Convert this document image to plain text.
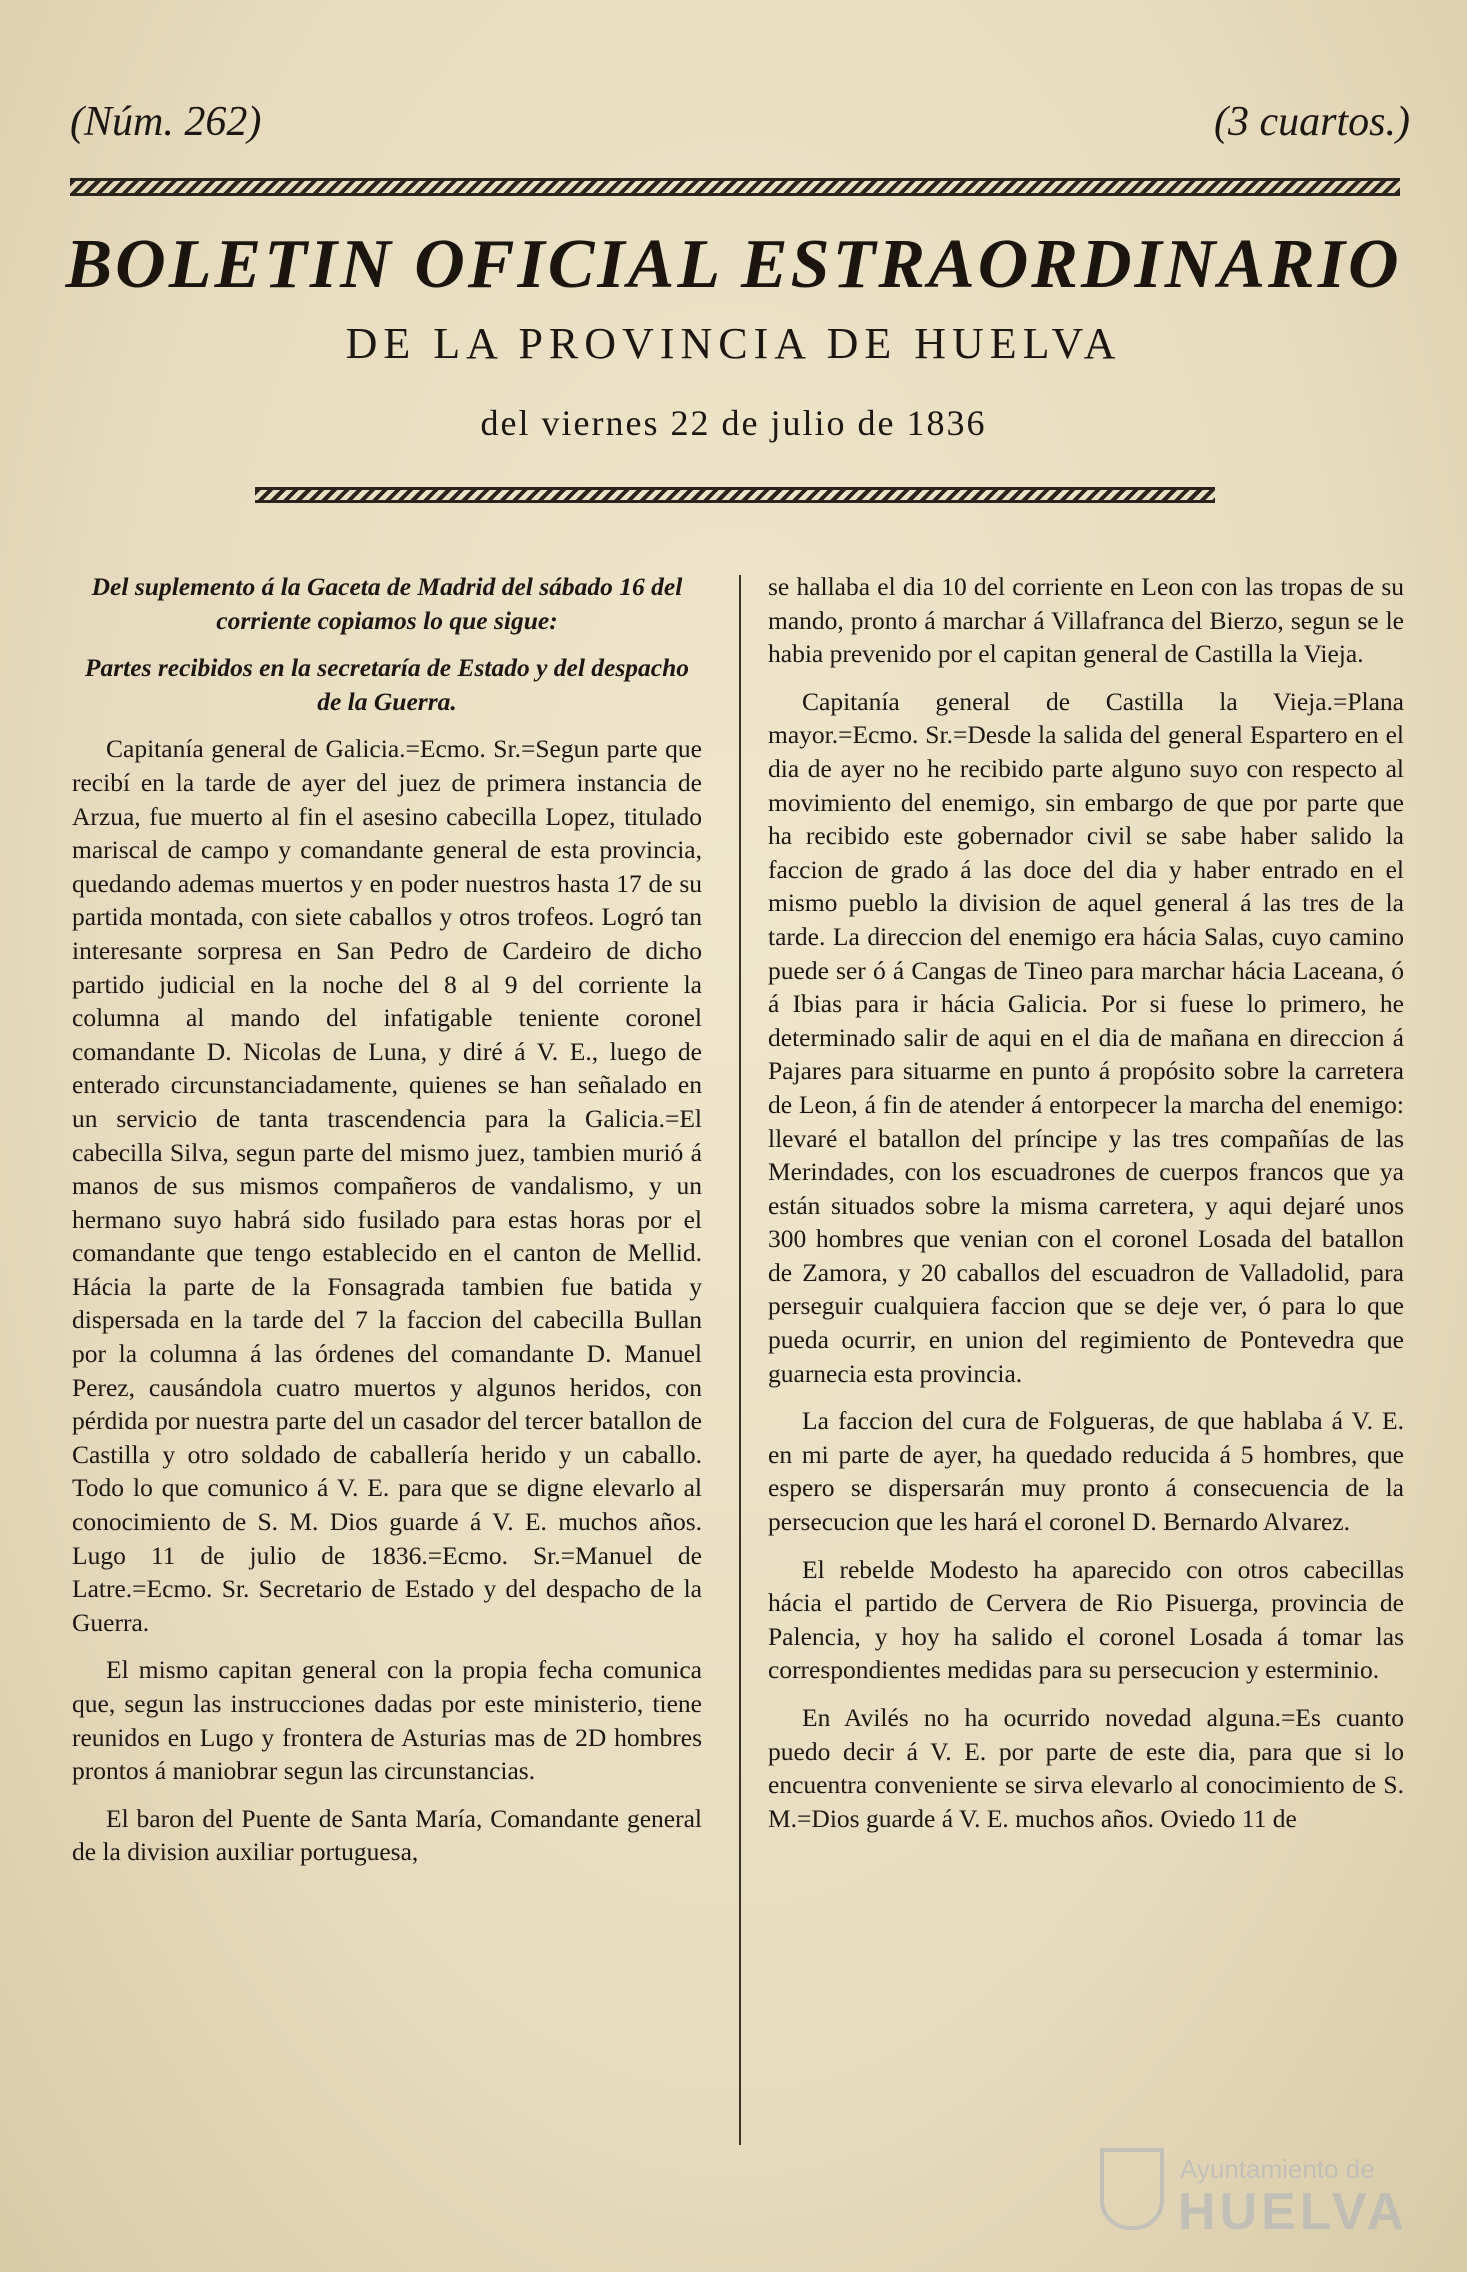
(Núm. 262)	(3 cuartos.)
BOLETIN OFICIAL ESTRAORDINARIO
DE LA PROVINCIA DE HUELVA
del viernes 22 de julio de 1836

Del suplemento á la Gaceta de Madrid del sábado 16 del corriente copiamos lo que sigue:

Partes recibidos en la secretaría de Estado y del despacho de la Guerra.

Capitanía general de Galicia.=Ecmo. Sr.=Segun parte que recibí en la tarde de ayer del juez de primera instancia de Arzua, fue muerto al fin el asesino cabecilla Lopez, titulado mariscal de campo y comandante general de esta provincia, quedando ademas muertos y en poder nuestros hasta 17 de su partida montada, con siete caballos y otros trofeos. Logró tan interesante sorpresa en San Pedro de Cardeiro de dicho partido judicial en la noche del 8 al 9 del corriente la columna al mando del infatigable teniente coronel comandante D. Nicolas de Luna, y diré á V. E., luego de enterado circunstanciadamente, quienes se han señalado en un servicio de tanta trascendencia para la Galicia.=El cabecilla Silva, segun parte del mismo juez, tambien murió á manos de sus mismos compañeros de vandalismo, y un hermano suyo habrá sido fusilado para estas horas por el comandante que tengo establecido en el canton de Mellid. Hácia la parte de la Fonsagrada tambien fue batida y dispersada en la tarde del 7 la faccion del cabecilla Bullan por la columna á las órdenes del comandante D. Manuel Perez, causándola cuatro muertos y algunos heridos, con pérdida por nuestra parte del un casador del tercer batallon de Castilla y otro soldado de caballería herido y un caballo. Todo lo que comunico á V. E. para que se digne elevarlo al conocimiento de S. M. Dios guarde á V. E. muchos años. Lugo 11 de julio de 1836.=Ecmo. Sr.=Manuel de Latre.=Ecmo. Sr. Secretario de Estado y del despacho de la Guerra.

El mismo capitan general con la propia fecha comunica que, segun las instrucciones dadas por este ministerio, tiene reunidos en Lugo y frontera de Asturias mas de 2D hombres prontos á maniobrar segun las circunstancias.

El baron del Puente de Santa María, Comandante general de la division auxiliar portuguesa,

se hallaba el dia 10 del corriente en Leon con las tropas de su mando, pronto á marchar á Villafranca del Bierzo, segun se le habia prevenido por el capitan general de Castilla la Vieja.

Capitanía general de Castilla la Vieja.=Plana mayor.=Ecmo. Sr.=Desde la salida del general Espartero en el dia de ayer no he recibido parte alguno suyo con respecto al movimiento del enemigo, sin embargo de que por parte que ha recibido este gobernador civil se sabe haber salido la faccion de grado á las doce del dia y haber entrado en el mismo pueblo la division de aquel general á las tres de la tarde. La direccion del enemigo era hácia Salas, cuyo camino puede ser ó á Cangas de Tineo para marchar hácia Laceana, ó á Ibias para ir hácia Galicia. Por si fuese lo primero, he determinado salir de aqui en el dia de mañana en direccion á Pajares para situarme en punto á propósito sobre la carretera de Leon, á fin de atender á entorpecer la marcha del enemigo: llevaré el batallon del príncipe y las tres compañías de las Merindades, con los escuadrones de cuerpos francos que ya están situados sobre la misma carretera, y aqui dejaré unos 300 hombres que venian con el coronel Losada del batallon de Zamora, y 20 caballos del escuadron de Valladolid, para perseguir cualquiera faccion que se deje ver, ó para lo que pueda ocurrir, en union del regimiento de Pontevedra que guarnecia esta provincia.

La faccion del cura de Folgueras, de que hablaba á V. E. en mi parte de ayer, ha quedado reducida á 5 hombres, que espero se dispersarán muy pronto á consecuencia de la persecucion que les hará el coronel D. Bernardo Alvarez.

El rebelde Modesto ha aparecido con otros cabecillas hácia el partido de Cervera de Rio Pisuerga, provincia de Palencia, y hoy ha salido el coronel Losada á tomar las correspondientes medidas para su persecucion y esterminio.

En Avilés no ha ocurrido novedad alguna.=Es cuanto puedo decir á V. E. por parte de este dia, para que si lo encuentra conveniente se sirva elevarlo al conocimiento de S. M.=Dios guarde á V. E. muchos años. Oviedo 11 de

Ayuntamiento de
HUELVA
